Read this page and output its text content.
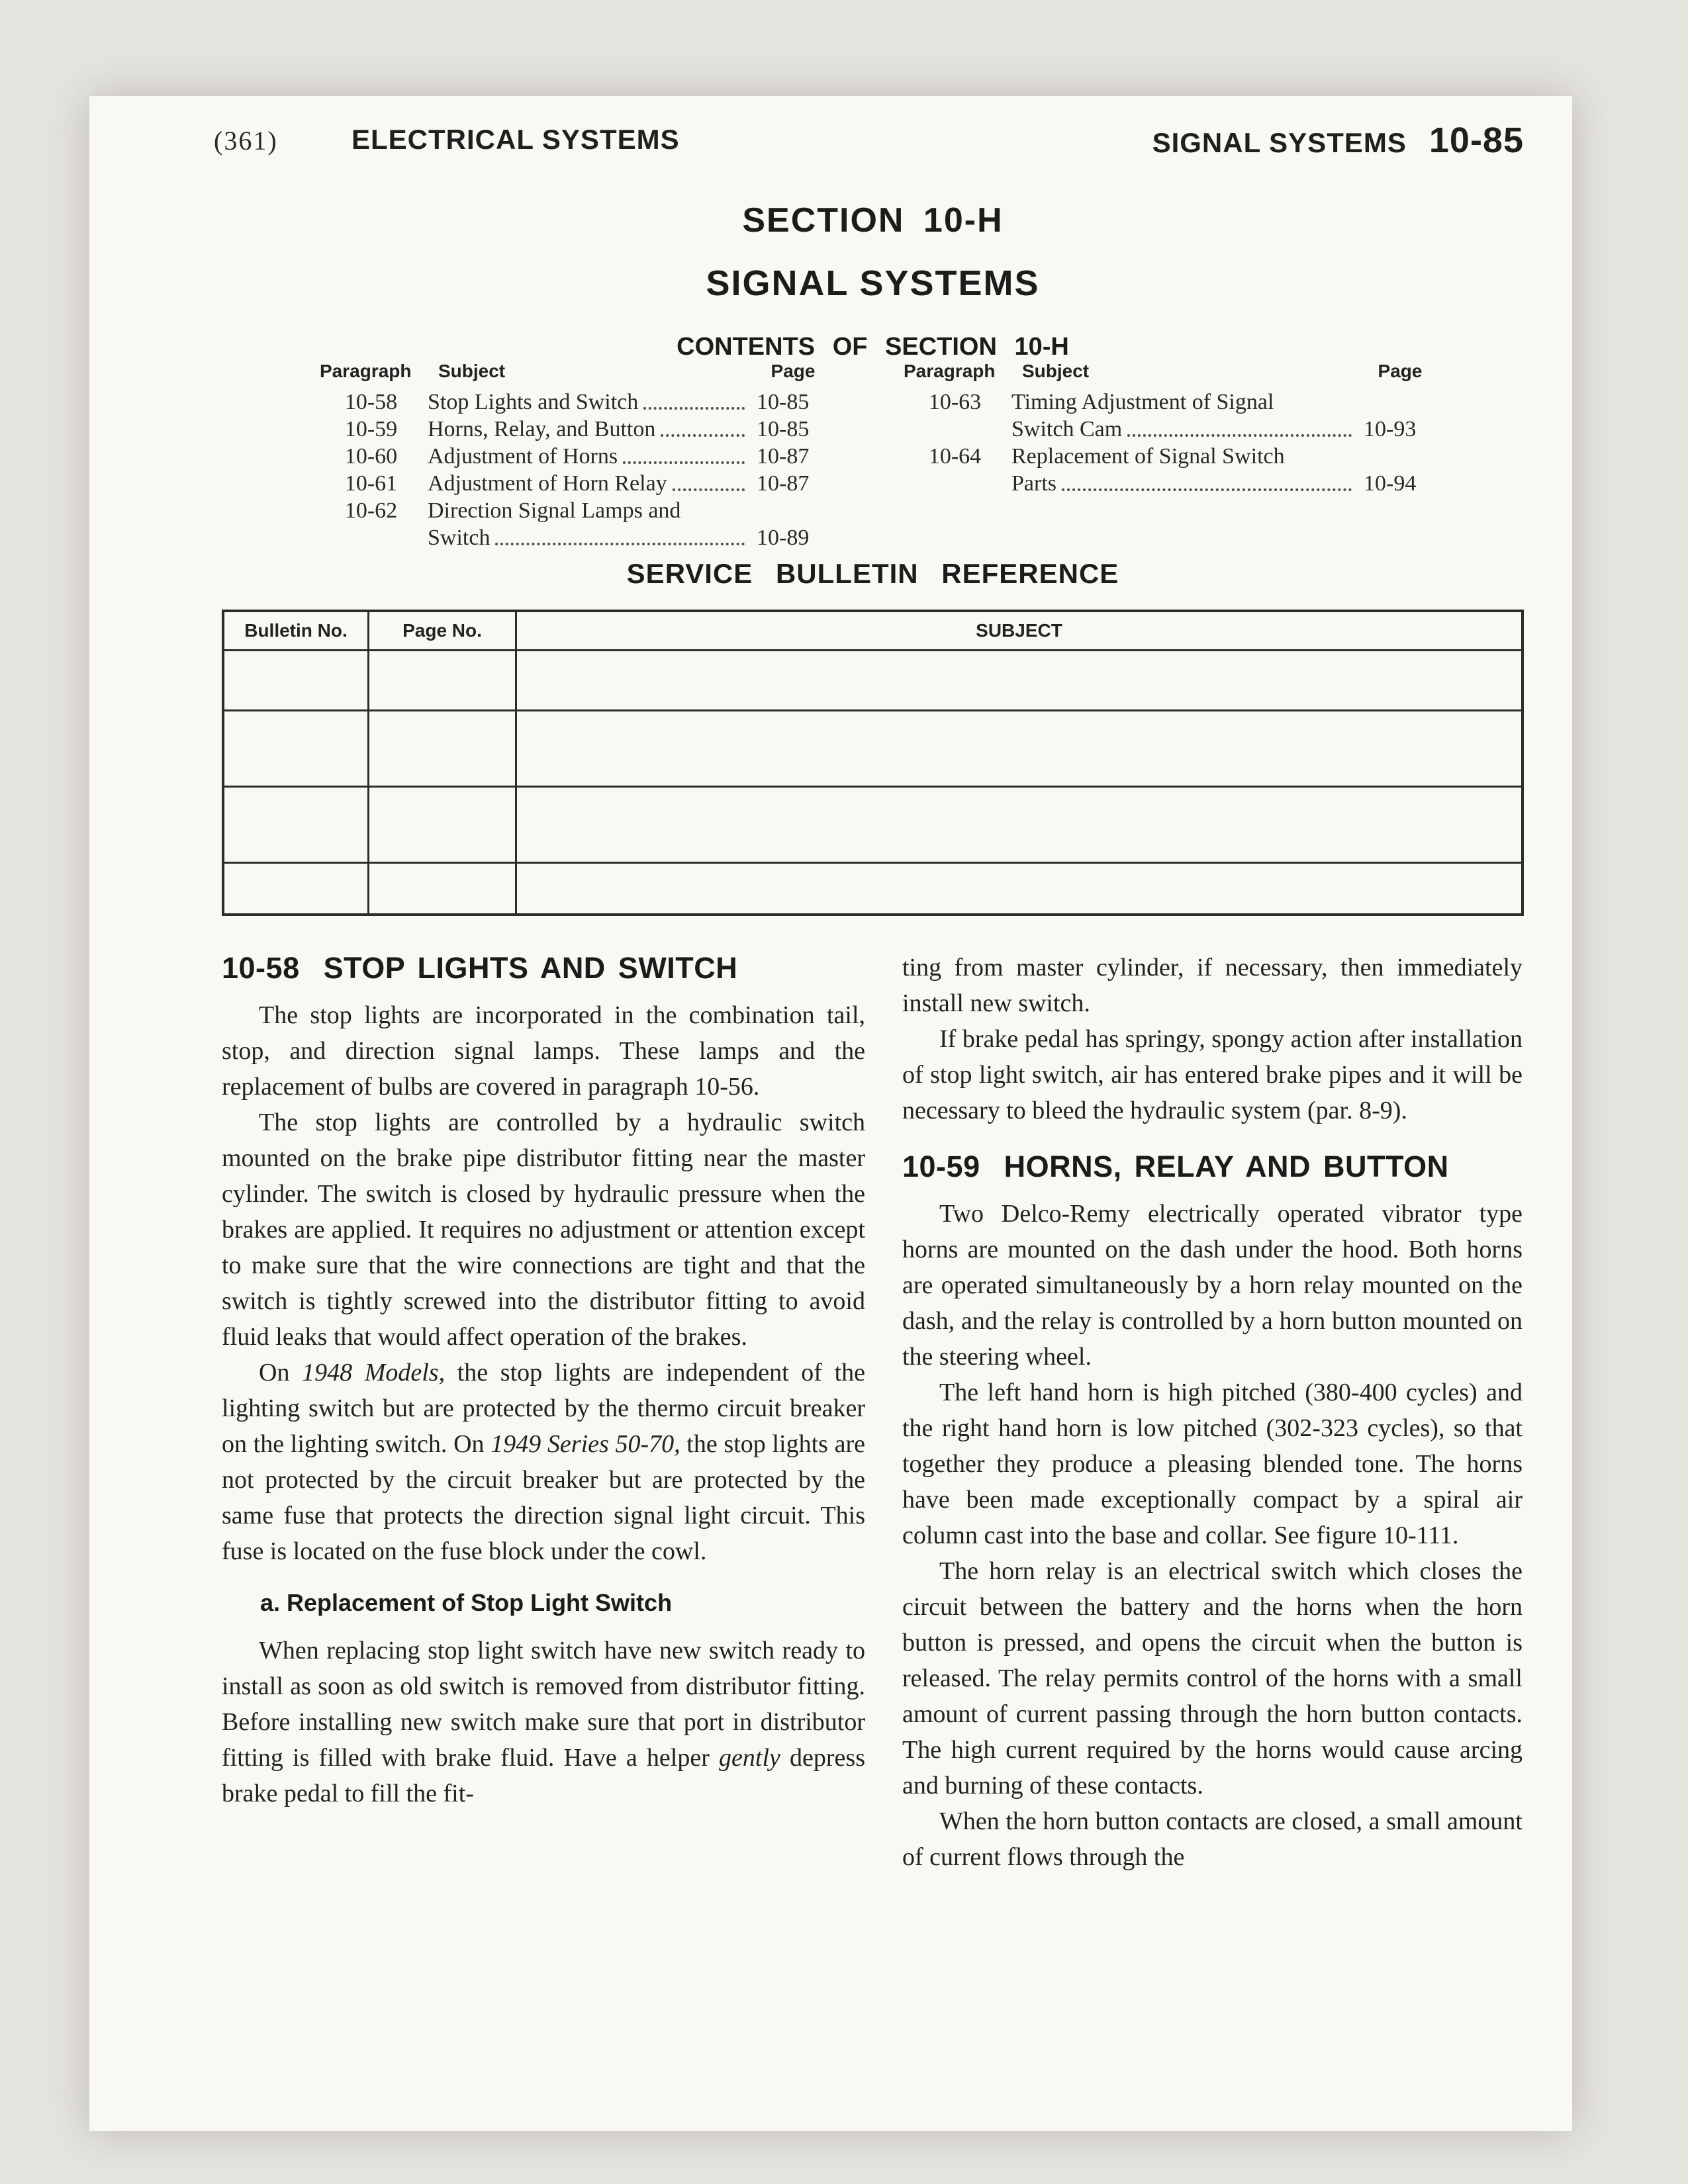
(361)	ELECTRICAL SYSTEMS	SIGNAL SYSTEMS 10-85
SECTION 10-H
SIGNAL SYSTEMS
CONTENTS OF SECTION 10-H
Paragraph	Subject	Page
10-58	Stop Lights and Switch	10-85
10-59	Horns, Relay, and Button	10-85
10-60	Adjustment of Horns	10-87
10-61	Adjustment of Horn Relay	10-87
10-62	Direction Signal Lamps and
Switch	10-89
Paragraph	Subject	Page
10-63	Timing Adjustment of Signal
Switch Cam	10-93
10-64	Replacement of Signal Switch
Parts	10-94
SERVICE BULLETIN REFERENCE
Bulletin No.	Page No.	SUBJECT
10-58 STOP LIGHTS AND SWITCH

The stop lights are incorporated in the combination tail, stop, and direction signal lamps. These lamps and the replacement of bulbs are covered in paragraph 10-56.

The stop lights are controlled by a hydraulic switch mounted on the brake pipe distributor fitting near the master cylinder. The switch is closed by hydraulic pressure when the brakes are applied. It requires no adjustment or attention except to make sure that the wire connections are tight and that the switch is tightly screwed into the distributor fitting to avoid fluid leaks that would affect operation of the brakes.

On 1948 Models, the stop lights are independent of the lighting switch but are protected by the thermo circuit breaker on the lighting switch. On 1949 Series 50-70, the stop lights are not protected by the circuit breaker but are protected by the same fuse that protects the direction signal light circuit. This fuse is located on the fuse block under the cowl.

a. Replacement of Stop Light Switch

When replacing stop light switch have new switch ready to install as soon as old switch is removed from distributor fitting. Before installing new switch make sure that port in distributor fitting is filled with brake fluid. Have a helper gently depress brake pedal to fill the fit-

ting from master cylinder, if necessary, then immediately install new switch.

If brake pedal has springy, spongy action after installation of stop light switch, air has entered brake pipes and it will be necessary to bleed the hydraulic system (par. 8-9).

10-59 HORNS, RELAY AND BUTTON

Two Delco-Remy electrically operated vibrator type horns are mounted on the dash under the hood. Both horns are operated simultaneously by a horn relay mounted on the dash, and the relay is controlled by a horn button mounted on the steering wheel.

The left hand horn is high pitched (380-400 cycles) and the right hand horn is low pitched (302-323 cycles), so that together they produce a pleasing blended tone. The horns have been made exceptionally compact by a spiral air column cast into the base and collar. See figure 10-111.

The horn relay is an electrical switch which closes the circuit between the battery and the horns when the horn button is pressed, and opens the circuit when the button is released. The relay permits control of the horns with a small amount of current passing through the horn button contacts. The high current required by the horns would cause arcing and burning of these contacts.

When the horn button contacts are closed, a small amount of current flows through the
